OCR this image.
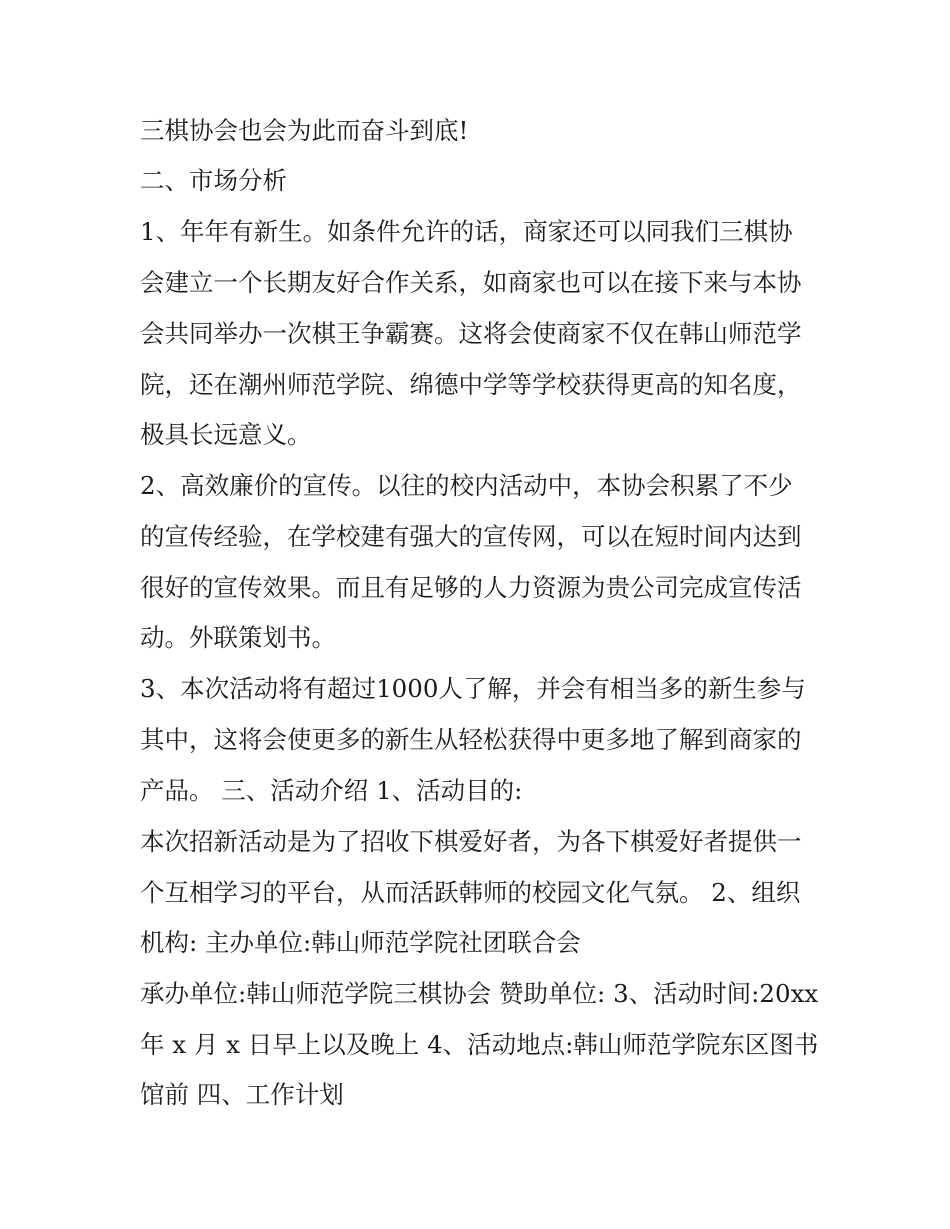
三棋协会也会为此而奋斗到底!
二、市场分析
1、年年有新生。如条件允许的话，商家还可以同我们三棋协
会建立一个长期友好合作关系，如商家也可以在接下来与本协
会共同举办一次棋王争霸赛。这将会使商家不仅在韩山师范学
院，还在潮州师范学院、绵德中学等学校获得更高的知名度，
极具长远意义。
2、高效廉价的宣传。以往的校内活动中，本协会积累了不少
的宣传经验，在学校建有强大的宣传网，可以在短时间内达到
很好的宣传效果。而且有足够的人力资源为贵公司完成宣传活
动。外联策划书。
3、本次活动将有超过1000人了解，并会有相当多的新生参与
其中，这将会使更多的新生从轻松获得中更多地了解到商家的
产品。 三、活动介绍 1、活动目的:
本次招新活动是为了招收下棋爱好者，为各下棋爱好者提供一
个互相学习的平台，从而活跃韩师的校园文化气氛。 2、组织
机构: 主办单位:韩山师范学院社团联合会
承办单位:韩山师范学院三棋协会 赞助单位: 3、活动时间:20xx
年 x 月 x 日早上以及晚上 4、活动地点:韩山师范学院东区图书
馆前 四、工作计划
